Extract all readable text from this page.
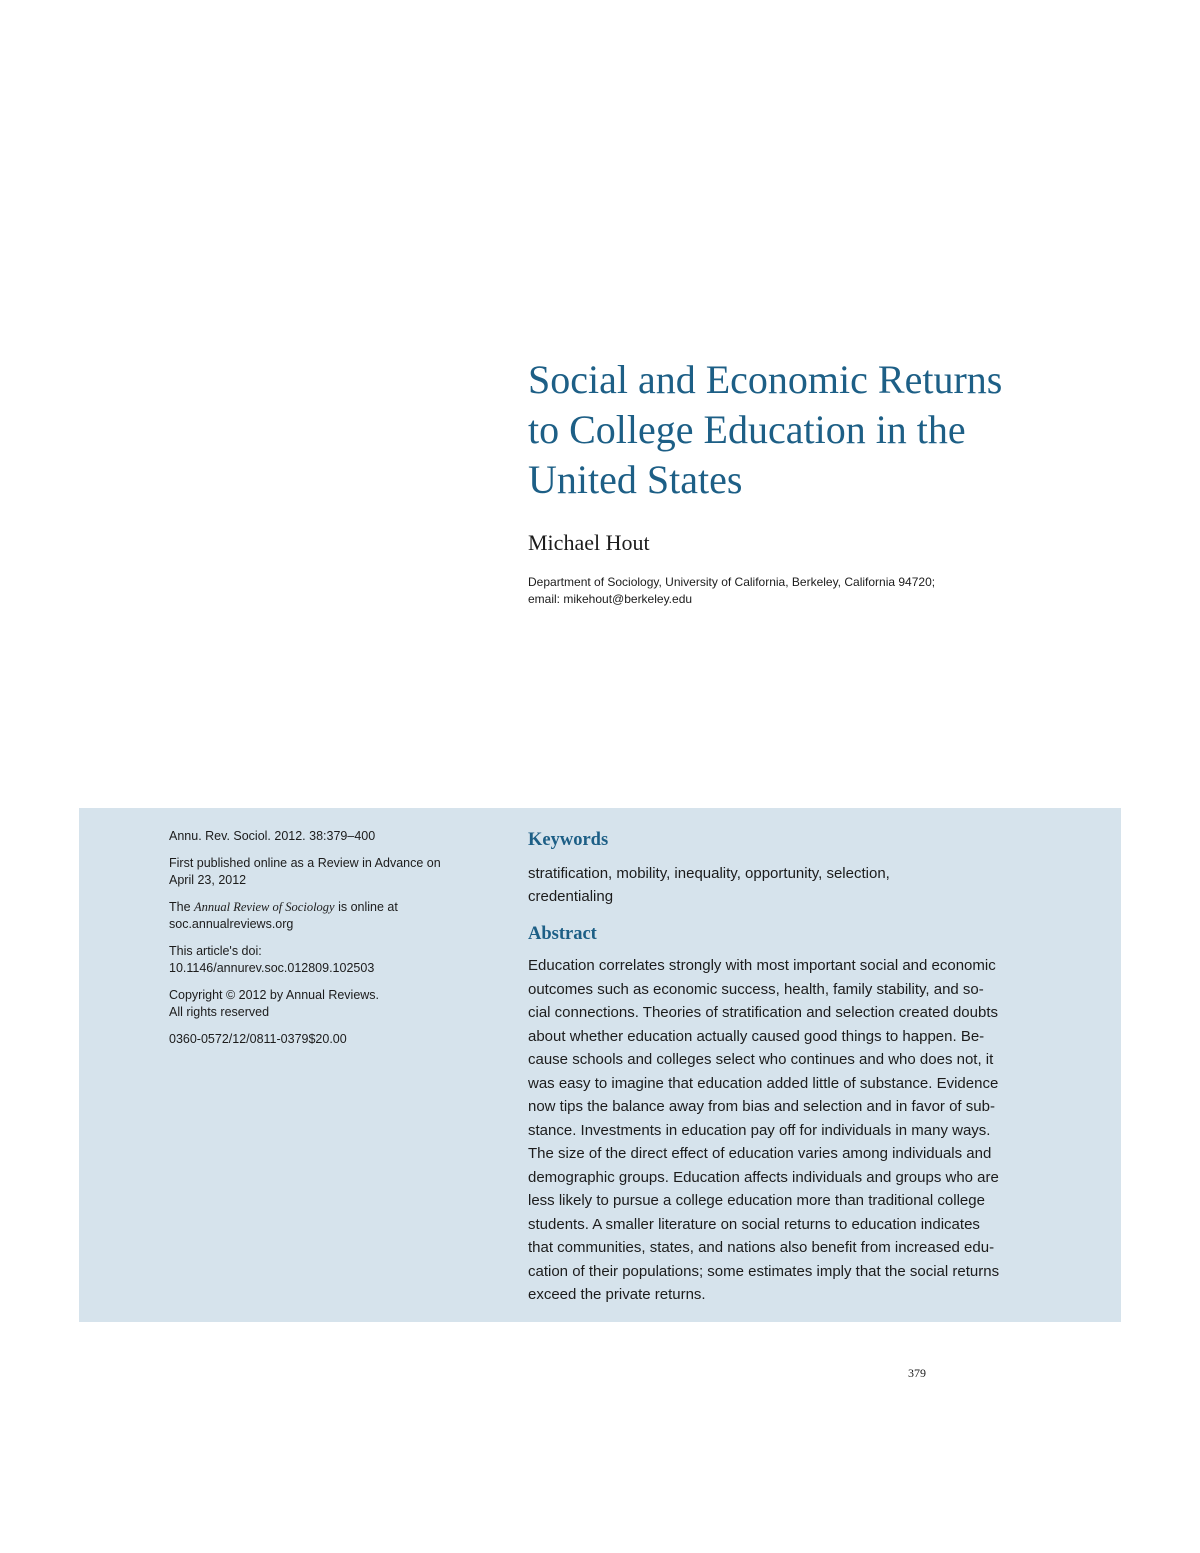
Social and Economic Returns
to College Education in the
United States
Michael Hout
Department of Sociology, University of California, Berkeley, California 94720;
email: mikehout@berkeley.edu
Annu. Rev. Sociol. 2012. 38:379–400
First published online as a Review in Advance on
April 23, 2012
The Annual Review of Sociology is online at
soc.annualreviews.org
This article's doi:
10.1146/annurev.soc.012809.102503
Copyright © 2012 by Annual Reviews.
All rights reserved
0360-0572/12/0811-0379$20.00
Keywords
stratification, mobility, inequality, opportunity, selection,
credentialing
Abstract
Education correlates strongly with most important social and economic
outcomes such as economic success, health, family stability, and so-
cial connections. Theories of stratification and selection created doubts
about whether education actually caused good things to happen. Be-
cause schools and colleges select who continues and who does not, it
was easy to imagine that education added little of substance. Evidence
now tips the balance away from bias and selection and in favor of sub-
stance. Investments in education pay off for individuals in many ways.
The size of the direct effect of education varies among individuals and
demographic groups. Education affects individuals and groups who are
less likely to pursue a college education more than traditional college
students. A smaller literature on social returns to education indicates
that communities, states, and nations also benefit from increased edu-
cation of their populations; some estimates imply that the social returns
exceed the private returns.
379
